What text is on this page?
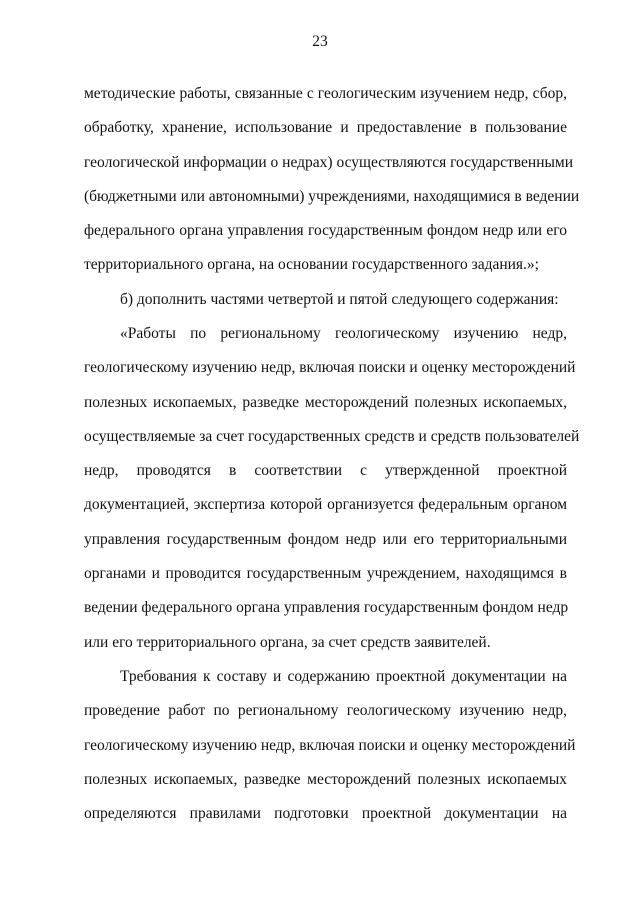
23
методические работы, связанные с геологическим изучением недр, сбор,
обработку, хранение, использование и предоставление в пользование
геологической информации о недрах) осуществляются государственными
(бюджетными или автономными) учреждениями, находящимися в ведении
федерального органа управления государственным фондом недр или его
территориального органа, на основании государственного задания.»;
б) дополнить частями четвертой и пятой следующего содержания:
«Работы по региональному геологическому изучению недр,
геологическому изучению недр, включая поиски и оценку месторождений
полезных ископаемых, разведке месторождений полезных ископаемых,
осуществляемые за счет государственных средств и средств пользователей
недр, проводятся в соответствии с утвержденной проектной
документацией, экспертиза которой организуется федеральным органом
управления государственным фондом недр или его территориальными
органами и проводится государственным учреждением, находящимся в
ведении федерального органа управления государственным фондом недр
или его территориального органа, за счет средств заявителей.
Требования к составу и содержанию проектной документации на
проведение работ по региональному геологическому изучению недр,
геологическому изучению недр, включая поиски и оценку месторождений
полезных ископаемых, разведке месторождений полезных ископаемых
определяются правилами подготовки проектной документации на
